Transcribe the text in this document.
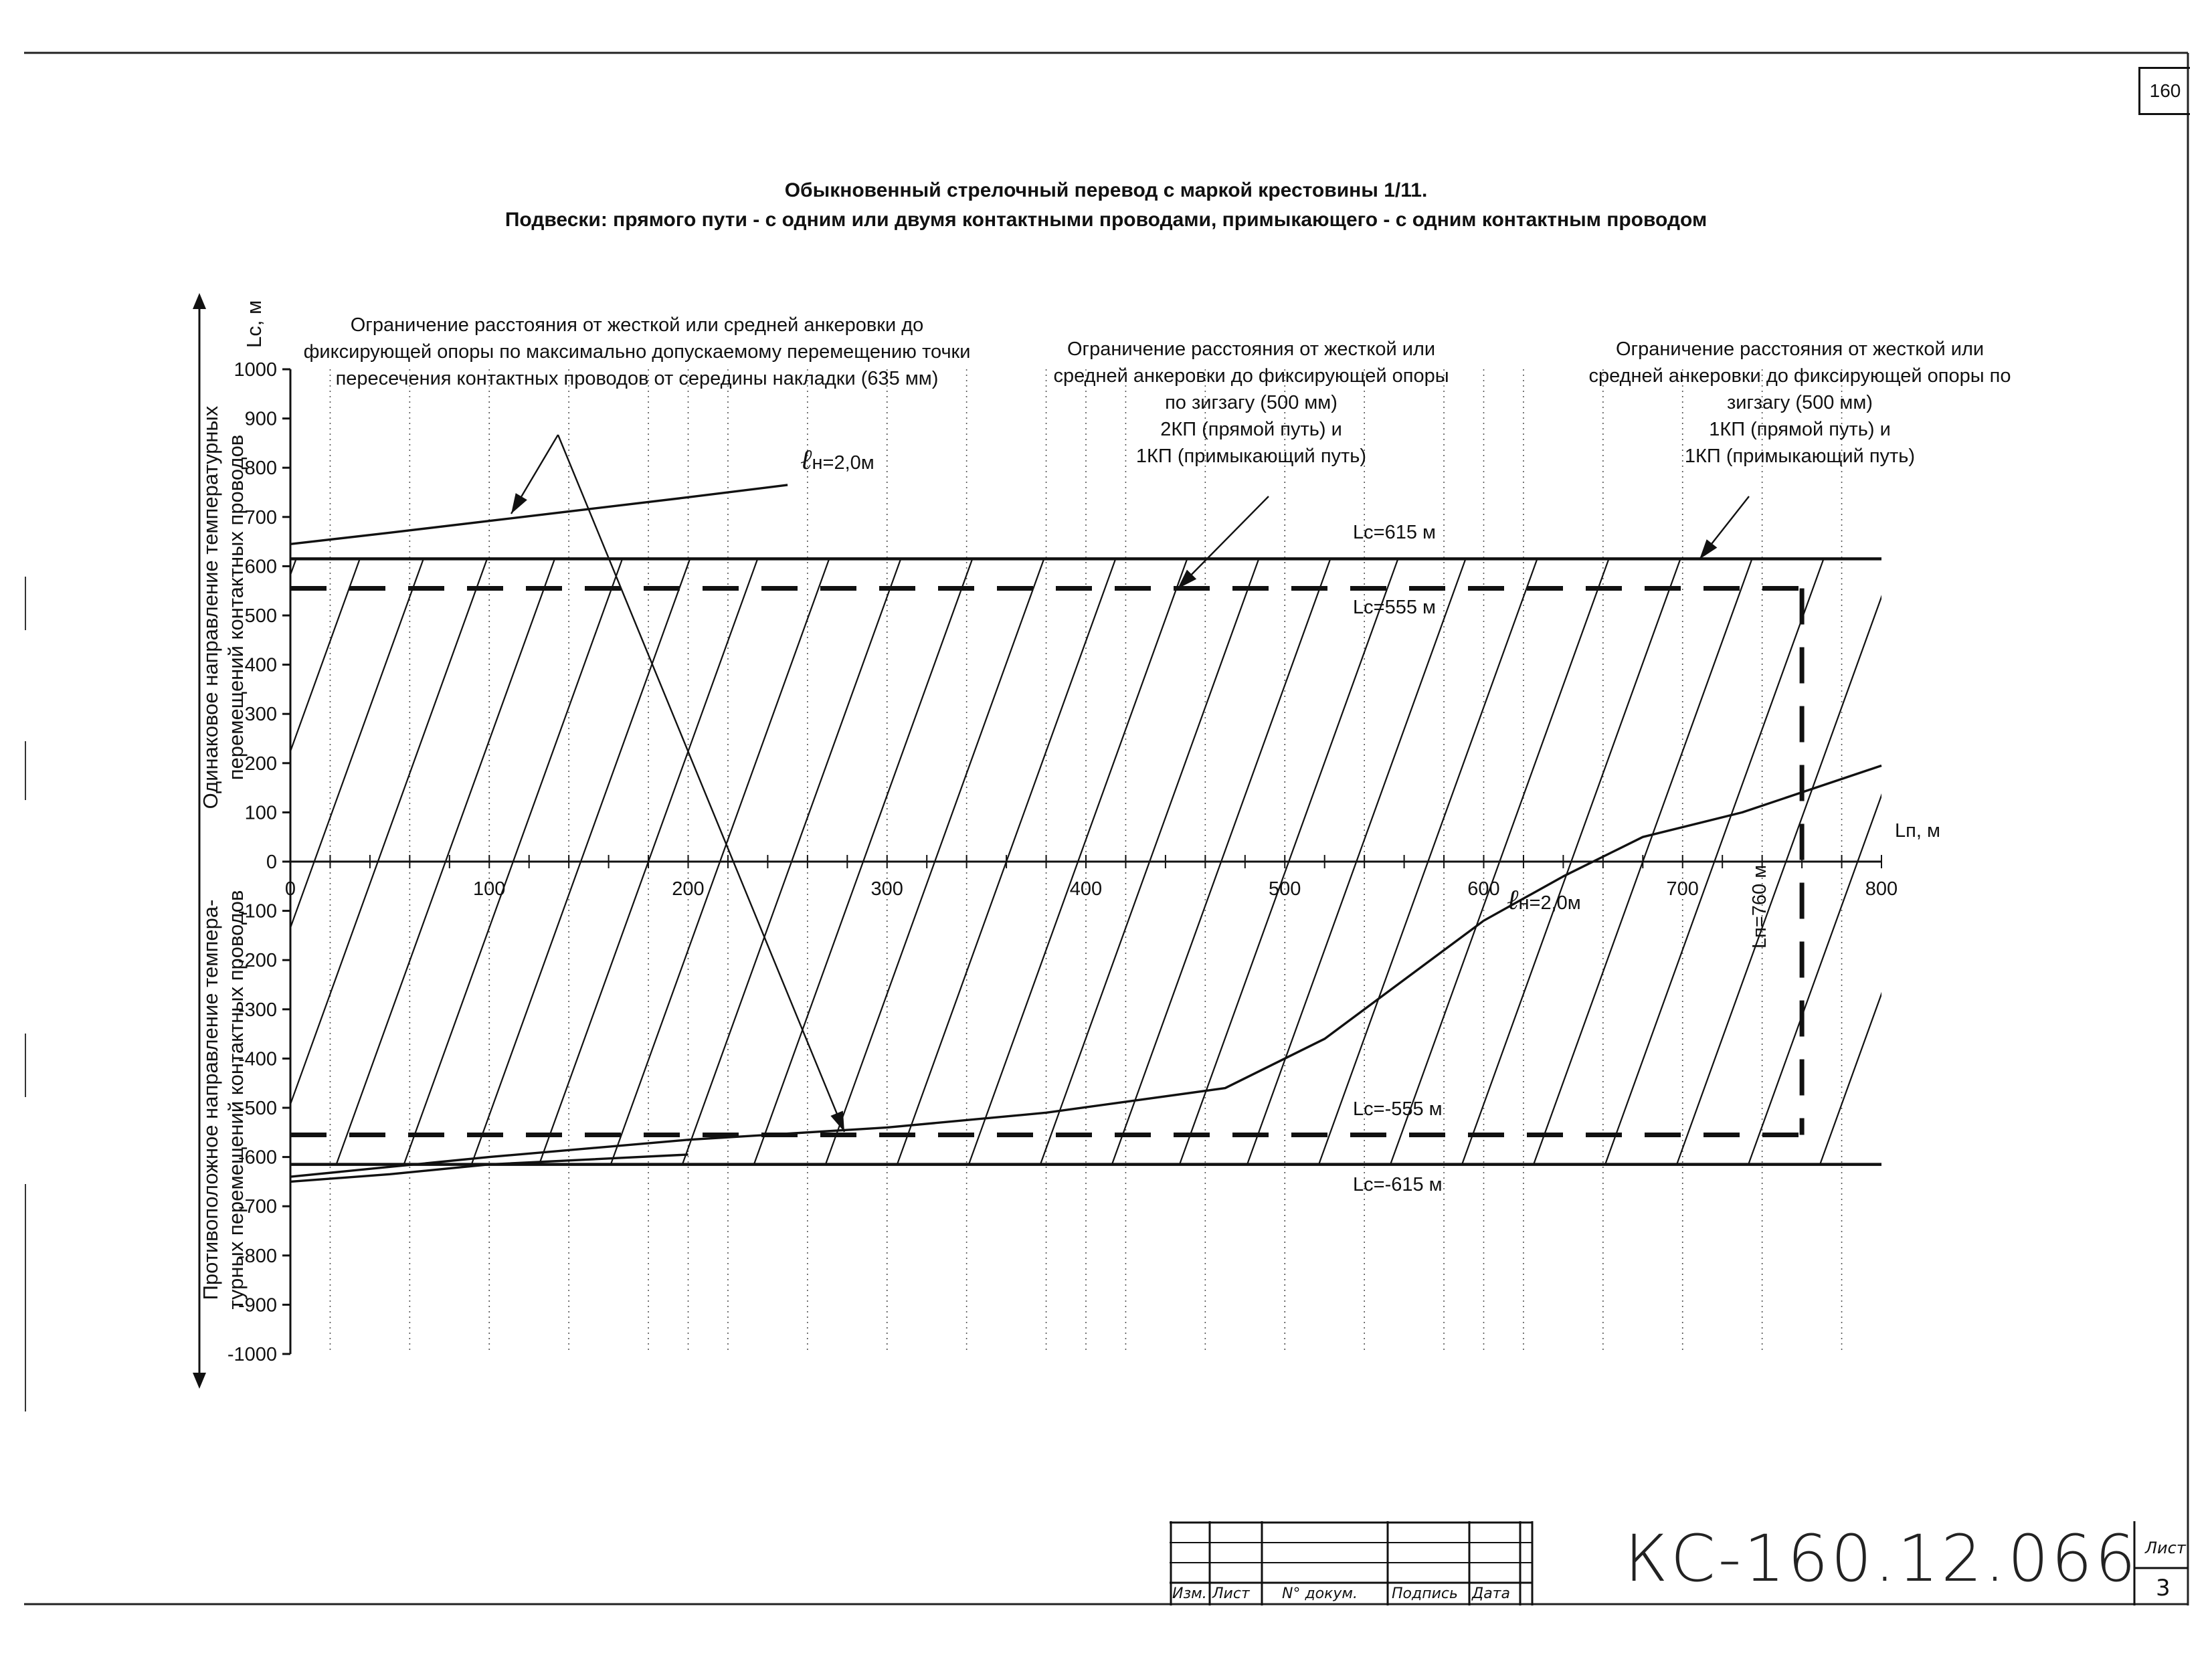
1000
900
800
700
600
500
400
300
200
100
0
-100
-200
-300
-400
-500
-600
-700
-800
-900
-1000
0	100	200	300	400	500	600	700	800
160
Обыкновенный стрелочный перевод с маркой крестовины 1/11.
Подвески: прямого пути - с одним или двумя контактными проводами, примыкающего - с одним контактным проводом
Ограничение расстояния от жесткой или средней анкеровки до фиксирующей опоры по максимально допускаемому перемещению точки пересечения контактных проводов от середины накладки (635 мм)
Ограничение расстояния от жесткой или
средней анкеровки до фиксирующей опоры
по зигзагу (500 мм)
2КП (прямой путь) и
1КП (примыкающий путь)
Ограничение расстояния от жесткой или
средней анкеровки до фиксирующей опоры по
зигзагу (500 мм)
1КП (прямой путь) и
1КП (примыкающий путь)
ℓн=2,0м
ℓн=2,0м
Lc=615 м
Lc=555 м
Lc=-555 м
Lc=-615 м
Lп=760 м
Lп, м
Lc, м
Одинаковое направление температурных перемещений контактных проводов
Противоположное направление темпера- турных перемещений контактных проводов
Изм. Лист N° докум. Подпись Дата КС-160.12.066 Лист
3
